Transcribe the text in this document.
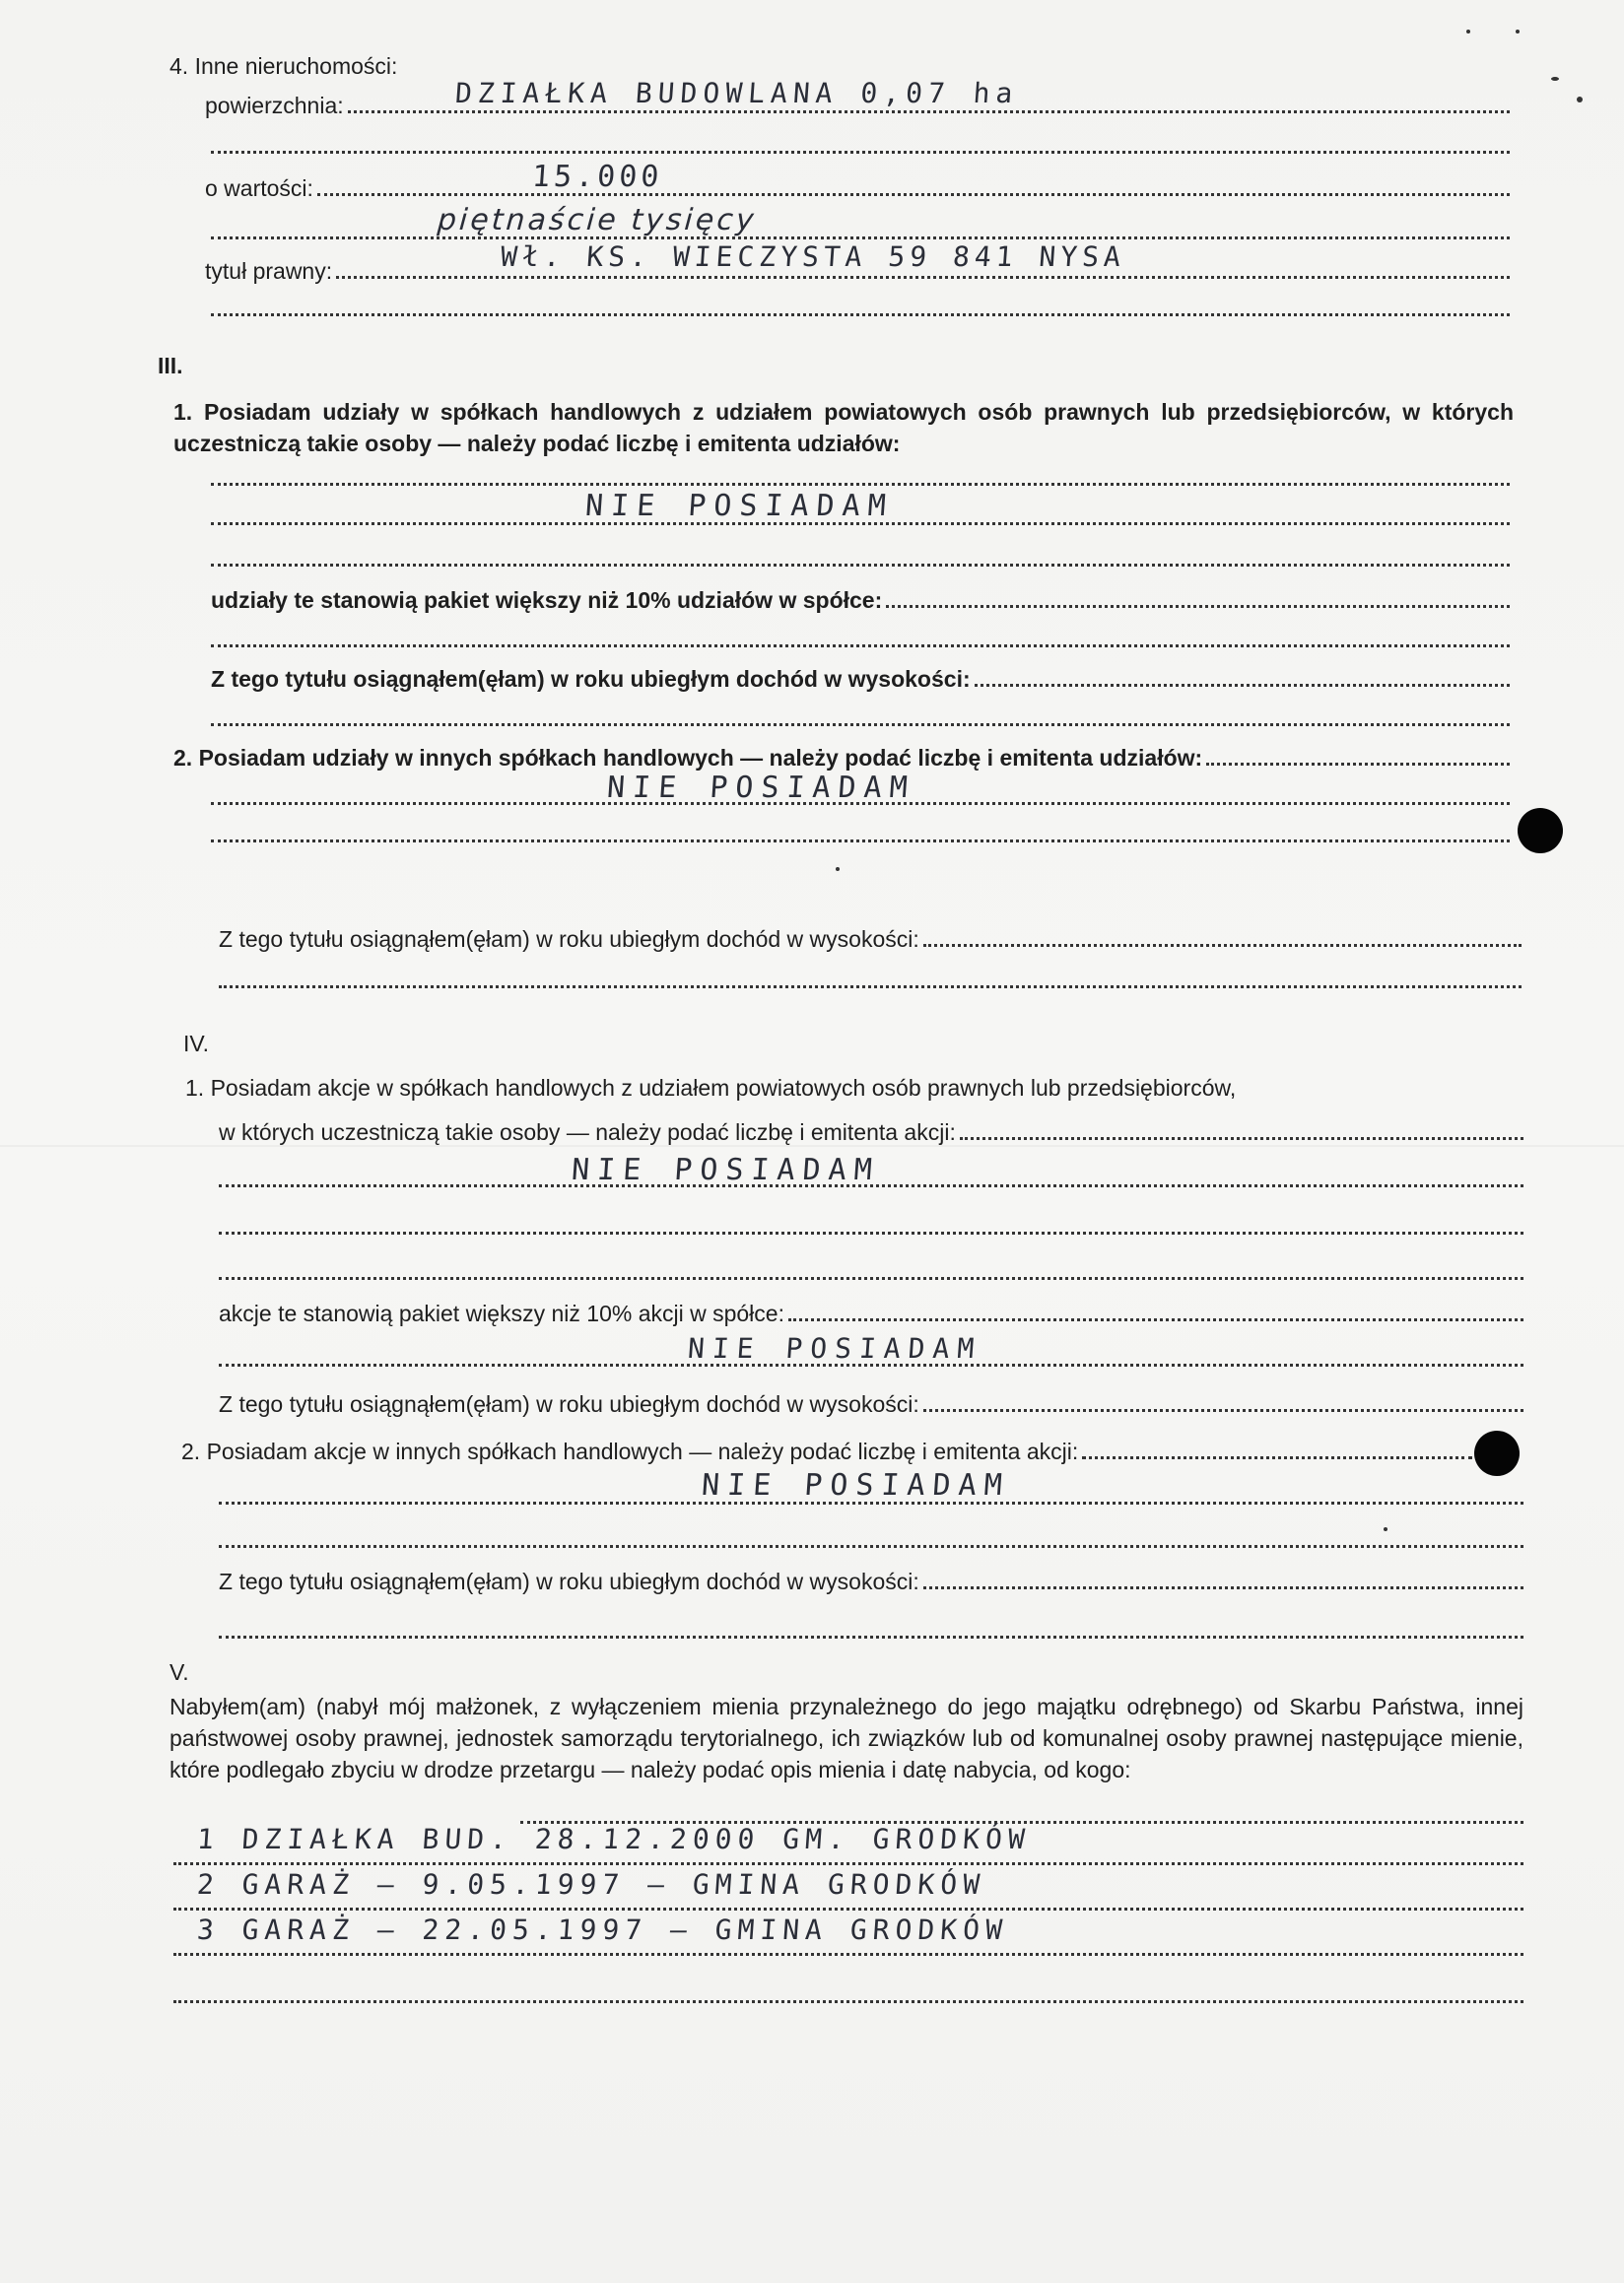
4. Inne nieruchomości:
powierzchnia:	DZIAŁKA BUDOWLANA 0,07 ha
o wartości:	15.000
piętnaście tysięcy
tytuł prawny:	Wł. KS. WIECZYSTA 59 841 NYSA
III.
1. Posiadam udziały w spółkach handlowych z udziałem powiatowych osób prawnych lub przedsiębiorców, w których uczestniczą takie osoby — należy podać liczbę i emitenta udziałów:
NIE POSIADAM
udziały te stanowią pakiet większy niż 10% udziałów w spółce:
Z tego tytułu osiągnąłem(ęłam) w roku ubiegłym dochód w wysokości:
2. Posiadam udziały w innych spółkach handlowych — należy podać liczbę i emitenta udziałów:
NIE POSIADAM
Z tego tytułu osiągnąłem(ęłam) w roku ubiegłym dochód w wysokości:
IV.
1. Posiadam akcje w spółkach handlowych z udziałem powiatowych osób prawnych lub przedsiębiorców,
w których uczestniczą takie osoby — należy podać liczbę i emitenta akcji:
NIE POSIADAM
akcje te stanowią pakiet większy niż 10% akcji w spółce:
NIE POSIADAM
Z tego tytułu osiągnąłem(ęłam) w roku ubiegłym dochód w wysokości:
2. Posiadam akcje w innych spółkach handlowych — należy podać liczbę i emitenta akcji:
NIE POSIADAM
Z tego tytułu osiągnąłem(ęłam) w roku ubiegłym dochód w wysokości:
V.
Nabyłem(am) (nabył mój małżonek, z wyłączeniem mienia przynależnego do jego majątku odrębnego) od Skarbu Państwa, innej państwowej osoby prawnej, jednostek samorządu terytorialnego, ich związków lub od komunalnej osoby prawnej następujące mienie, które podlegało zbyciu w drodze przetargu — należy podać opis mienia i datę nabycia, od kogo:
1 DZIAŁKA BUD. 28.12.2000 GM. GRODKÓW
2 GARAŻ – 9.05.1997 – GMINA GRODKÓW
3 GARAŻ – 22.05.1997 – GMINA GRODKÓW
